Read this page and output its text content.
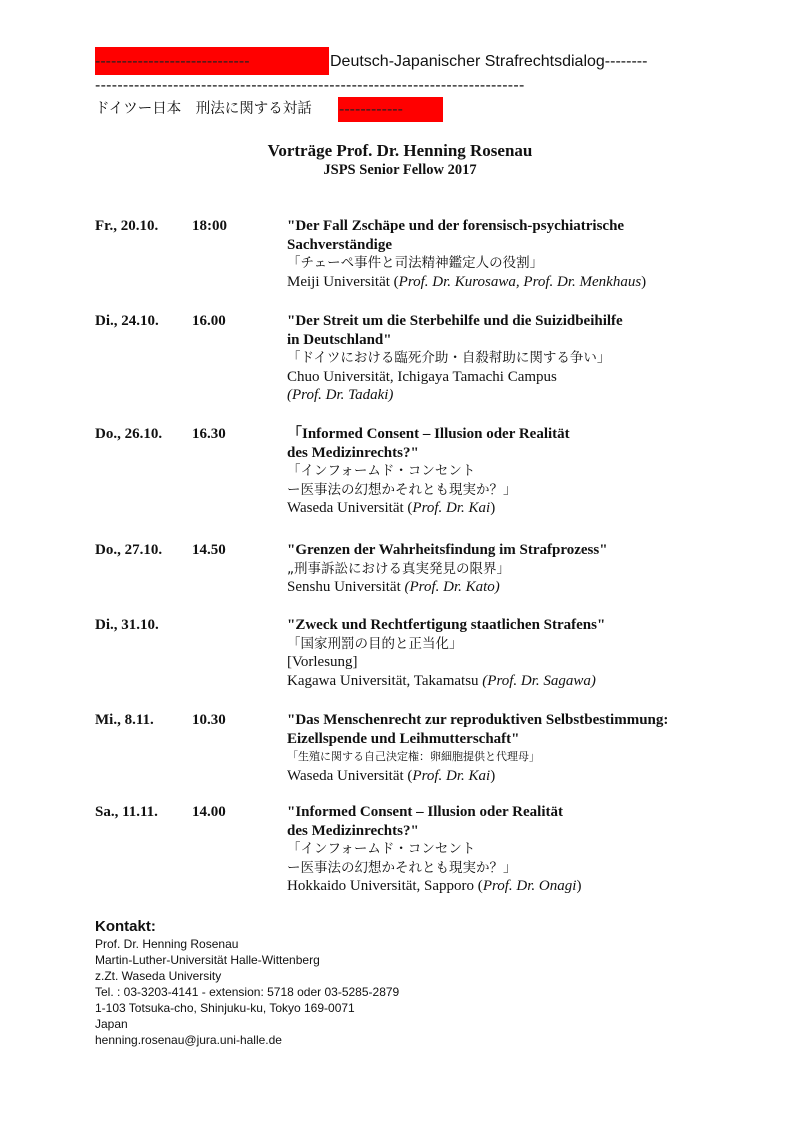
-----------------------------	Deutsch-Japanischer Strafrechtsdialog--------
-----------------------------------------------------------------------------
ドイツー日本　刑法に関する対話 ------------
Vorträge Prof. Dr. Henning Rosenau
JSPS Senior Fellow 2017
Fr., 20.10. 18:00	"Der Fall Zschäpe und der forensisch-psychiatrische
Sachverständige
「チェーペ事件と司法精神鑑定人の役割」
Meiji Universität (Prof. Dr. Kurosawa, Prof. Dr. Menkhaus)
Di., 24.10. 16.00	"Der Streit um die Sterbehilfe und die Suizidbeihilfe
in Deutschland"
「ドイツにおける臨死介助・自殺幇助に関する争い」
Chuo Universität, Ichigaya Tamachi Campus
(Prof. Dr. Tadaki)
Do., 26.10. 16.30	「Informed Consent – Illusion oder Realität
des Medizinrechts?"
「インフォームド・コンセント
ー医事法の幻想かそれとも現実か？」
Waseda Universität (Prof. Dr. Kai)
Do., 27.10. 14.50	"Grenzen der Wahrheitsfindung im Strafprozess"
„刑事訴訟における真実発見の限界」
Senshu Universität (Prof. Dr. Kato)
Di., 31.10.	"Zweck und Rechtfertigung staatlichen Strafens"
「国家刑罰の目的と正当化」
[Vorlesung]
Kagawa Universität, Takamatsu (Prof. Dr. Sagawa)
Mi., 8.11.	10.30	"Das Menschenrecht zur reproduktiven Selbstbestimmung:
Eizellspende und Leihmutterschaft"
「生殖に関する自己決定権：卵細胞提供と代理母」
Waseda Universität (Prof. Dr. Kai)
Sa., 11.11. 14.00	"Informed Consent – Illusion oder Realität
des Medizinrechts?"
「インフォームド・コンセント
ー医事法の幻想かそれとも現実か？」
Hokkaido Universität, Sapporo (Prof. Dr. Onagi)
Kontakt:
Prof. Dr. Henning Rosenau
Martin-Luther-Universität Halle-Wittenberg
z.Zt. Waseda University
Tel. : 03-3203-4141 - extension: 5718 oder 03-5285-2879
1-103 Totsuka-cho, Shinjuku-ku, Tokyo 169-0071
Japan
henning.rosenau@jura.uni-halle.de
